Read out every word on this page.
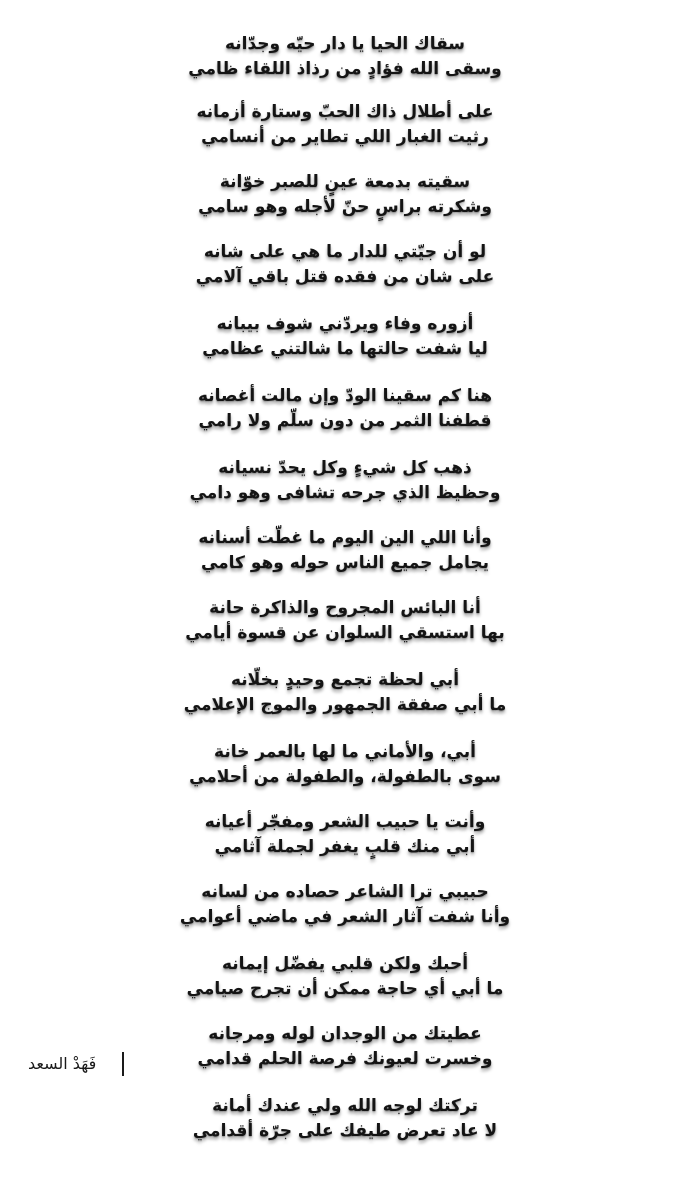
سقاك الحيا يا دار حيّه وجدّانه
وسقى الله فؤادٍ من رذاذ اللقاء ظامي
على أطلال ذاك الحبّ وستارة أزمانه
رثيت الغبار اللي تطاير من أنسامي
سقيته بدمعة عينٍ للصبر خوّانة
وشكرته براسٍ حنّ لأجله وهو سامي
لو أن جيّتي للدار ما هي على شانه
على شان من فقده قتل باقي آلامي
أزوره وفاء ويردّني شوف بيبانه
ليا شفت حالتها ما شالتني عظامي
هنا كم سقينا الودّ وإن مالت أغصانه
قطفنا الثمر من دون سلّم ولا رامي
ذهب كل شيءٍ وكل يحدّ نسيانه
وحظيظ الذي جرحه تشافى وهو دامي
وأنا اللي الين اليوم ما غطّت أسنانه
يجامل جميع الناس حوله وهو كامي
أنا البائس المجروح والذاكرة حانة
بها استسقي السلوان عن قسوة أيامي
أبي لحظة تجمع وحيدٍ بخلّانه
ما أبي صفقة الجمهور والموج الإعلامي
أبي، والأماني ما لها بالعمر خانة
سوى بالطفولة، والطفولة من أحلامي
وأنت يا حبيب الشعر ومفجّر أعيانه
أبي منك قلبٍ يغفر لجملة آثامي
حبيبي ترا الشاعر حصاده من لسانه
وأنا شفت آثار الشعر في ماضي أعوامي
أحبك ولكن قلبي يفضّل إيمانه
ما أبي أي حاجة ممكن أن تجرح صيامي
عطيتك من الوجدان لوله ومرجانه
وخسرت لعيونك فرصة الحلم قدامي
تركتك لوجه الله ولي عندك أمانة
لا عاد تعرض طيفك على جرّة أقدامي
فَهَدْ السعد
